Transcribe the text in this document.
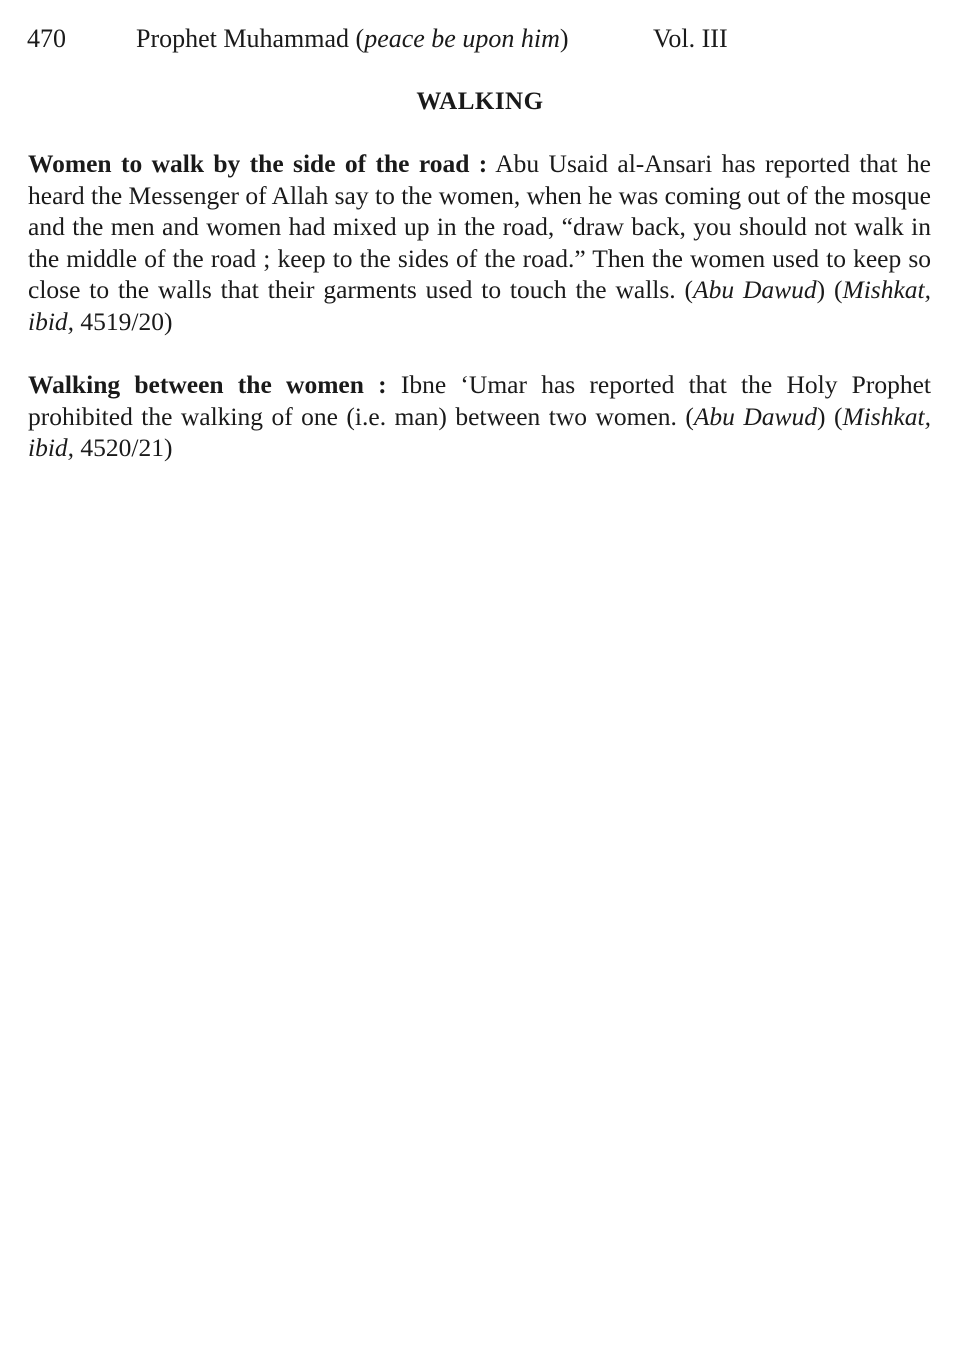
470	Prophet Muhammad (peace be upon him)	Vol. III
WALKING

Women to walk by the side of the road : Abu Usaid al-Ansari has reported that he heard the Messenger of Allah say to the women, when he was coming out of the mosque and the men and women had mixed up in the road, “draw back, you should not walk in the middle of the road ; keep to the sides of the road.” Then the women used to keep so close to the walls that their garments used to touch the walls. (Abu Dawud) (Mishkat, ibid, 4519/20)

Walking between the women : Ibne ‘Umar has reported that the Holy Prophet prohibited the walking of one (i.e. man) between two women. (Abu Dawud) (Mishkat, ibid, 4520/21)
